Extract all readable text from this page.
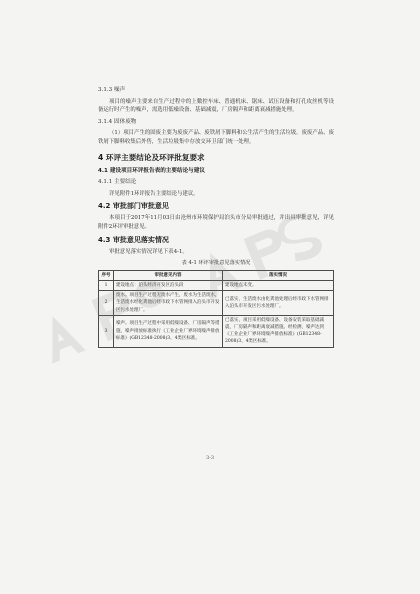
3.1.3 噪声
项目的噪声主要来自生产过程中的上數控车床、普通机床、锯床、试压设备和打孔攻丝机等设备运行时产生的噪声，需选用低噪设备、基础减震，厂房隔声和距离衰减措施处理。
3.1.4 固体废物
（1）项目产生的固废主要为废废产品、废铁屑下脚料和公生活产生的生活垃圾。废废产品、废铁屑下脚料收集后外售，生活垃圾集中存放交环卫部门统一处理。
4 环评主要结论及环评批复要求
4.1 建设项目环评报告表的主要结论与建议
4.1.1 主要结论
详见附件1环评报告主要结论与建议。
4.2 审批部门审批意见
本项目于2017年11月03日由沧州市环境保护局泊头市分局审批通过，并出具审批意见，详见附件2环评审批意见。
4.3 审批意见落实情况
审批意见落实情况详见下表4-1。
表 4-1 环评审批意见落实情况
序号	审批意见内容	落实情况
1	建设地点：泊头经济开发区泊头段	建设地点未变。
2	废水。项目生产过程无废水产生，废水为生活废水，生活废水经化粪池后经市政下水管网排入泊头市开发区污水处理厂。	已落实，生活废水由化粪池处理后经市政下水管网排入泊头市开发区污水处理厂。
3	噪声。项目生产过程中采用低噪设备、厂房隔声等措施，噪声排放标准执行《工业企业厂界环境噪声排放标准》(GB12348-2008)3、4类区标准。	已落实，项目采用低噪设备、设备安装采取基础减震，厂房隔声和距离衰减措施。经检测，噪声达到《工业企业厂界环境噪声排放标准》(GB12348-2008)3、4类区标准。
3-3
